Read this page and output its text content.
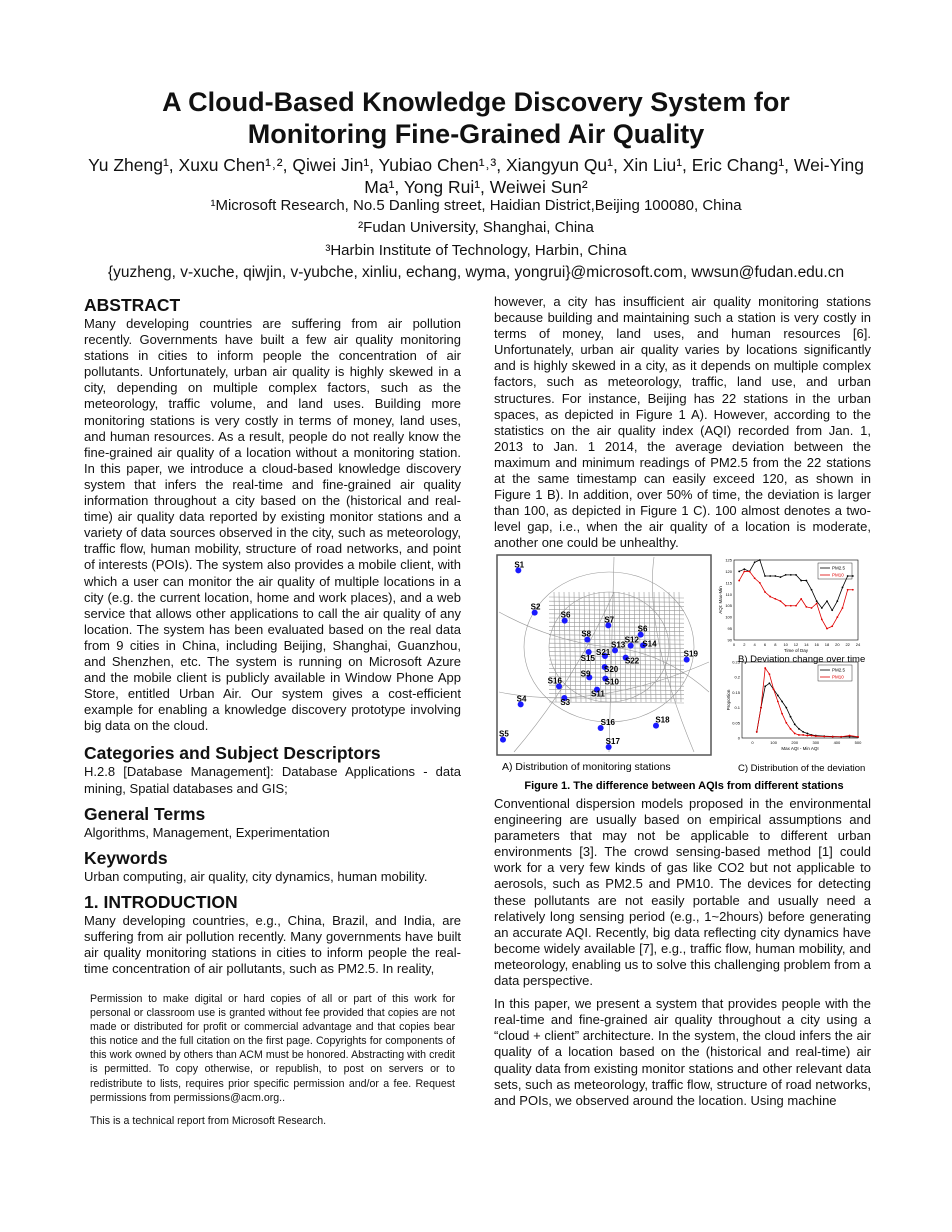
A Cloud-Based Knowledge Discovery System for
Monitoring Fine-Grained Air Quality
Yu Zheng¹, Xuxu Chen¹˒², Qiwei Jin¹, Yubiao Chen¹˒³, Xiangyun Qu¹, Xin Liu¹, Eric Chang¹, Wei-Ying Ma¹, Yong Rui¹, Weiwei Sun²
¹Microsoft Research, No.5 Danling street, Haidian District,Beijing 100080, China
²Fudan University, Shanghai, China
³Harbin Institute of Technology, Harbin, China
{yuzheng, v-xuche, qiwjin, v-yubche, xinliu, echang, wyma, yongrui}@microsoft.com, wwsun@fudan.edu.cn
ABSTRACT

Many developing countries are suffering from air pollution recently. Governments have built a few air quality monitoring stations in cities to inform people the concentration of air pollutants. Unfortunately, urban air quality is highly skewed in a city, depending on multiple complex factors, such as the meteorology, traffic volume, and land uses. Building more monitoring stations is very costly in terms of money, land uses, and human resources. As a result, people do not really know the fine-grained air quality of a location without a monitoring station. In this paper, we introduce a cloud-based knowledge discovery system that infers the real-time and fine-grained air quality information throughout a city based on the (historical and real-time) air quality data reported by existing monitor stations and a variety of data sources observed in the city, such as meteorology, traffic flow, human mobility, structure of road networks, and point of interests (POIs). The system also provides a mobile client, with which a user can monitor the air quality of multiple locations in a city (e.g. the current location, home and work places), and a web service that allows other applications to call the air quality of any location. The system has been evaluated based on the real data from 9 cities in China, including Beijing, Shanghai, Guanzhou, and Shenzhen, etc. The system is running on Microsoft Azure and the mobile client is publicly available in Window Phone App Store, entitled Urban Air. Our system gives a cost-efficient example for enabling a knowledge discovery prototype involving big data on the cloud.

Categories and Subject Descriptors

H.2.8 [Database Management]: Database Applications - data mining, Spatial databases and GIS;

General Terms

Algorithms, Management, Experimentation

Keywords

Urban computing, air quality, city dynamics, human mobility.

1. INTRODUCTION

Many developing countries, e.g., China, Brazil, and India, are suffering from air pollution recently. Many governments have built air quality monitoring stations in cities to inform people the real-time concentration of air pollutants, such as PM2.5. In reality,

Permission to make digital or hard copies of all or part of this work for personal or classroom use is granted without fee provided that copies are not made or distributed for profit or commercial advantage and that copies bear this notice and the full citation on the first page. Copyrights for components of this work owned by others than ACM must be honored. Abstracting with credit is permitted. To copy otherwise, or republish, to post on servers or to redistribute to lists, requires prior specific permission and/or a fee. Request permissions from permissions@acm.org..
This is a technical report from Microsoft Research.

however, a city has insufficient air quality monitoring stations because building and maintaining such a station is very costly in terms of money, land uses, and human resources [6]. Unfortunately, urban air quality varies by locations significantly and is highly skewed in a city, as it depends on multiple complex factors, such as meteorology, traffic, land use, and urban structures. For instance, Beijing has 22 stations in the urban spaces, as depicted in Figure 1 A). However, according to the statistics on the air quality index (AQI) recorded from Jan. 1, 2013 to Jan. 1 2014, the average deviation between the maximum and minimum readings of PM2.5 from the 22 stations at the same timestamp can easily exceed 120, as shown in Figure 1 B). In addition, over 50% of time, the deviation is larger than 100, as depicted in Figure 1 C). 100 almost denotes a two-level gap, i.e., when the air quality of a location is moderate, another one could be unhealthy.

S1
S2
S6
S7
S6
S8
S12 S14
S13
S21
S15	S22
S19
S20
S9
S10
S16
S11
S4	S3
S16	S18
S5
S17
0 2 4 6 8 10 12 14 16 18 20 22 24
90
95
100
105
110
115
120
125
Time of Day
AQI: Max-Min
PM2.5
PM10
0	100	200	300	400	500
0
0.05
0.1
0.15
0.2
0.25
Max AQI - Min AQI
Proportion
PM2.5
PM10
A) Distribution of monitoring stations
B) Deviation change over time
C) Distribution of the deviation
Figure 1. The difference between AQIs from different stations

Conventional dispersion models proposed in the environmental engineering are usually based on empirical assumptions and parameters that may not be applicable to different urban environments [3]. The crowd sensing-based method [1] could work for a very few kinds of gas like CO2 but not applicable to aerosols, such as PM2.5 and PM10. The devices for detecting these pollutants are not easily portable and usually need a relatively long sensing period (e.g., 1~2hours) before generating an accurate AQI. Recently, big data reflecting city dynamics have become widely available [7], e.g., traffic flow, human mobility, and meteorology, enabling us to solve this challenging problem from a data perspective.

In this paper, we present a system that provides people with the real-time and fine-grained air quality throughout a city using a “cloud + client” architecture. In the system, the cloud infers the air quality of a location based on the (historical and real-time) air quality data from existing monitor stations and other relevant data sets, such as meteorology, traffic flow, structure of road networks, and POIs, we observed around the location. Using machine
